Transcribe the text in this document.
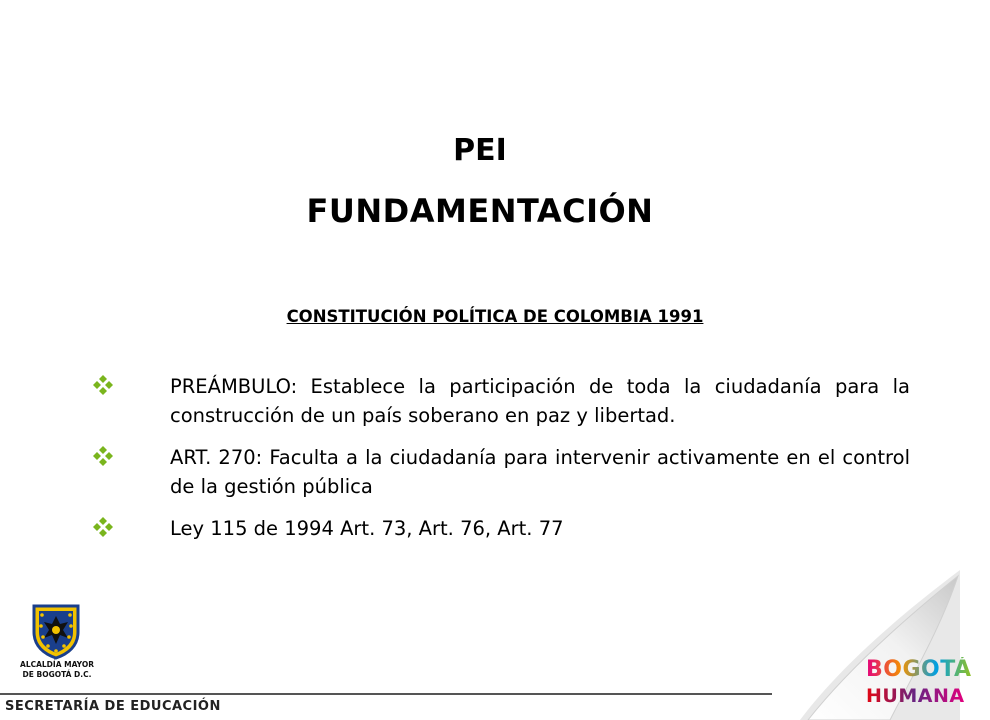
PEI
FUNDAMENTACIÓN
CONSTITUCIÓN POLÍTICA DE COLOMBIA 1991
PREÁMBULO: Establece la participación de toda la ciudadanía para la construcción de un país soberano en paz y libertad.
ART. 270: Faculta a la ciudadanía para intervenir activamente en el control de la gestión pública
Ley 115 de 1994 Art. 73, Art. 76, Art. 77
ALCALDÍA MAYOR
DE BOGOTÁ D.C.
SECRETARÍA DE EDUCACIÓN
BOGOTÁ
HUMANA
